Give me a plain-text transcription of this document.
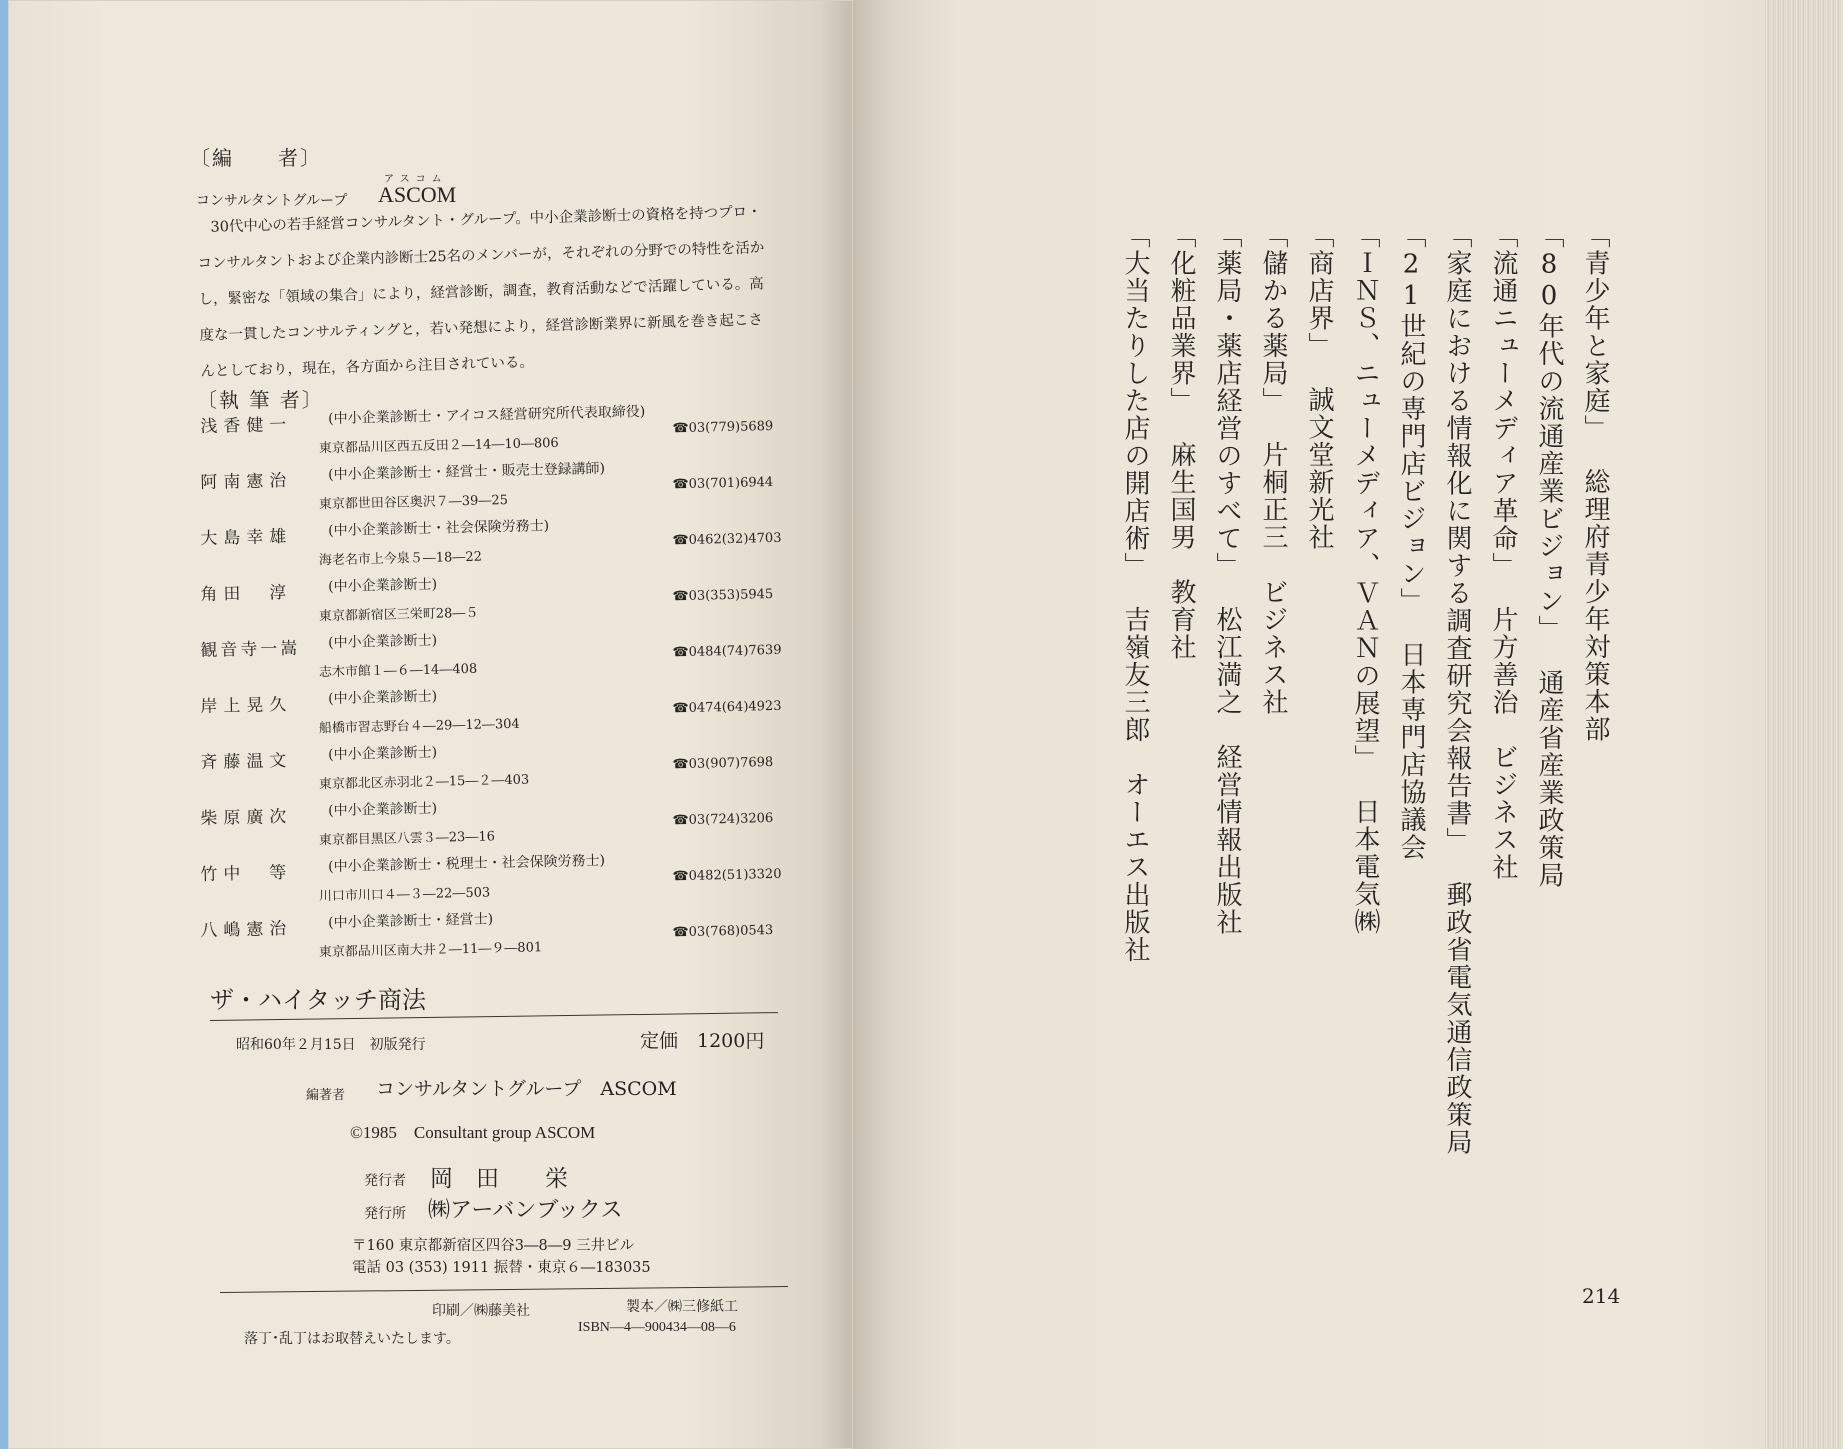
〔編　　者〕
コンサルタントグループ
アスコム
ASCOM
30代中心の若手経営コンサルタント・グループ。中小企業診断士の資格を持つプロ・コンサルタントおよび企業内診断士25名のメンバーが，それぞれの分野での特性を活かし，緊密な「領域の集合」により，経営診断，調査，教育活動などで活躍している。高度な一貫したコンサルティングと，若い発想により，経営診断業界に新風を巻き起こさんとしており，現在，各方面から注目されている。
〔執 筆 者〕
浅香健一	(中小企業診断士・アイコス経営研究所代表取締役)
東京都品川区西五反田２―14―10―806
☎03(779)5689
阿南憲治	(中小企業診断士・経営士・販売士登録講師)
東京都世田谷区奥沢７―39―25
☎03(701)6944
大島幸雄	(中小企業診断士・社会保険労務士)
海老名市上今泉５―18―22
☎0462(32)4703
角田　淳	(中小企業診断士)
東京都新宿区三栄町28―５
☎03(353)5945
観音寺一嵩 (中小企業診断士)
志木市館１―６―14―408
☎0484(74)7639
岸上晃久	(中小企業診断士)
船橋市習志野台４―29―12―304
☎0474(64)4923
斉藤温文	(中小企業診断士)
東京都北区赤羽北２―15―２―403
☎03(907)7698
柴原廣次	(中小企業診断士)
東京都目黒区八雲３―23―16
☎03(724)3206
竹中　等	(中小企業診断士・税理士・社会保険労務士)
川口市川口４―３―22―503
☎0482(51)3320
八嶋憲治	(中小企業診断士・経営士)
東京都品川区南大井２―11―９―801
☎03(768)0543
ザ・ハイタッチ商法
昭和60年２月15日　初版発行	定価　1200円
編著者 コンサルタントグループ　ASCOM
©1985　Consultant group ASCOM
発行者 岡　田　　栄
発行所 ㈱アーバンブックス
〒160 東京都新宿区四谷3―8―9 三井ビル
電話 03 (353) 1911 振替・東京６―183035
印刷／㈱藤美社	製本／㈱三修紙工
落丁･乱丁はお取替えいたします。
ISBN―4―900434―08―6
「青少年と家庭」総理府青少年対策本部
「80年代の流通産業ビジョン」通産省産業政策局
「流通ニューメディア革命」片方善治　ビジネス社
「家庭における情報化に関する調査研究会報告書」郵政省電気通信政策局
「21世紀の専門店ビジョン」日本専門店協議会
「ＩＮＳ、ニューメディア、ＶＡＮの展望」日本電気㈱
「商店界」誠文堂新光社
「儲かる薬局」片桐正三　ビジネス社
「薬局・薬店経営のすべて」松江満之　経営情報出版社
「化粧品業界」麻生国男　教育社
「大当たりした店の開店術」吉嶺友三郎　オーエス出版社
214
